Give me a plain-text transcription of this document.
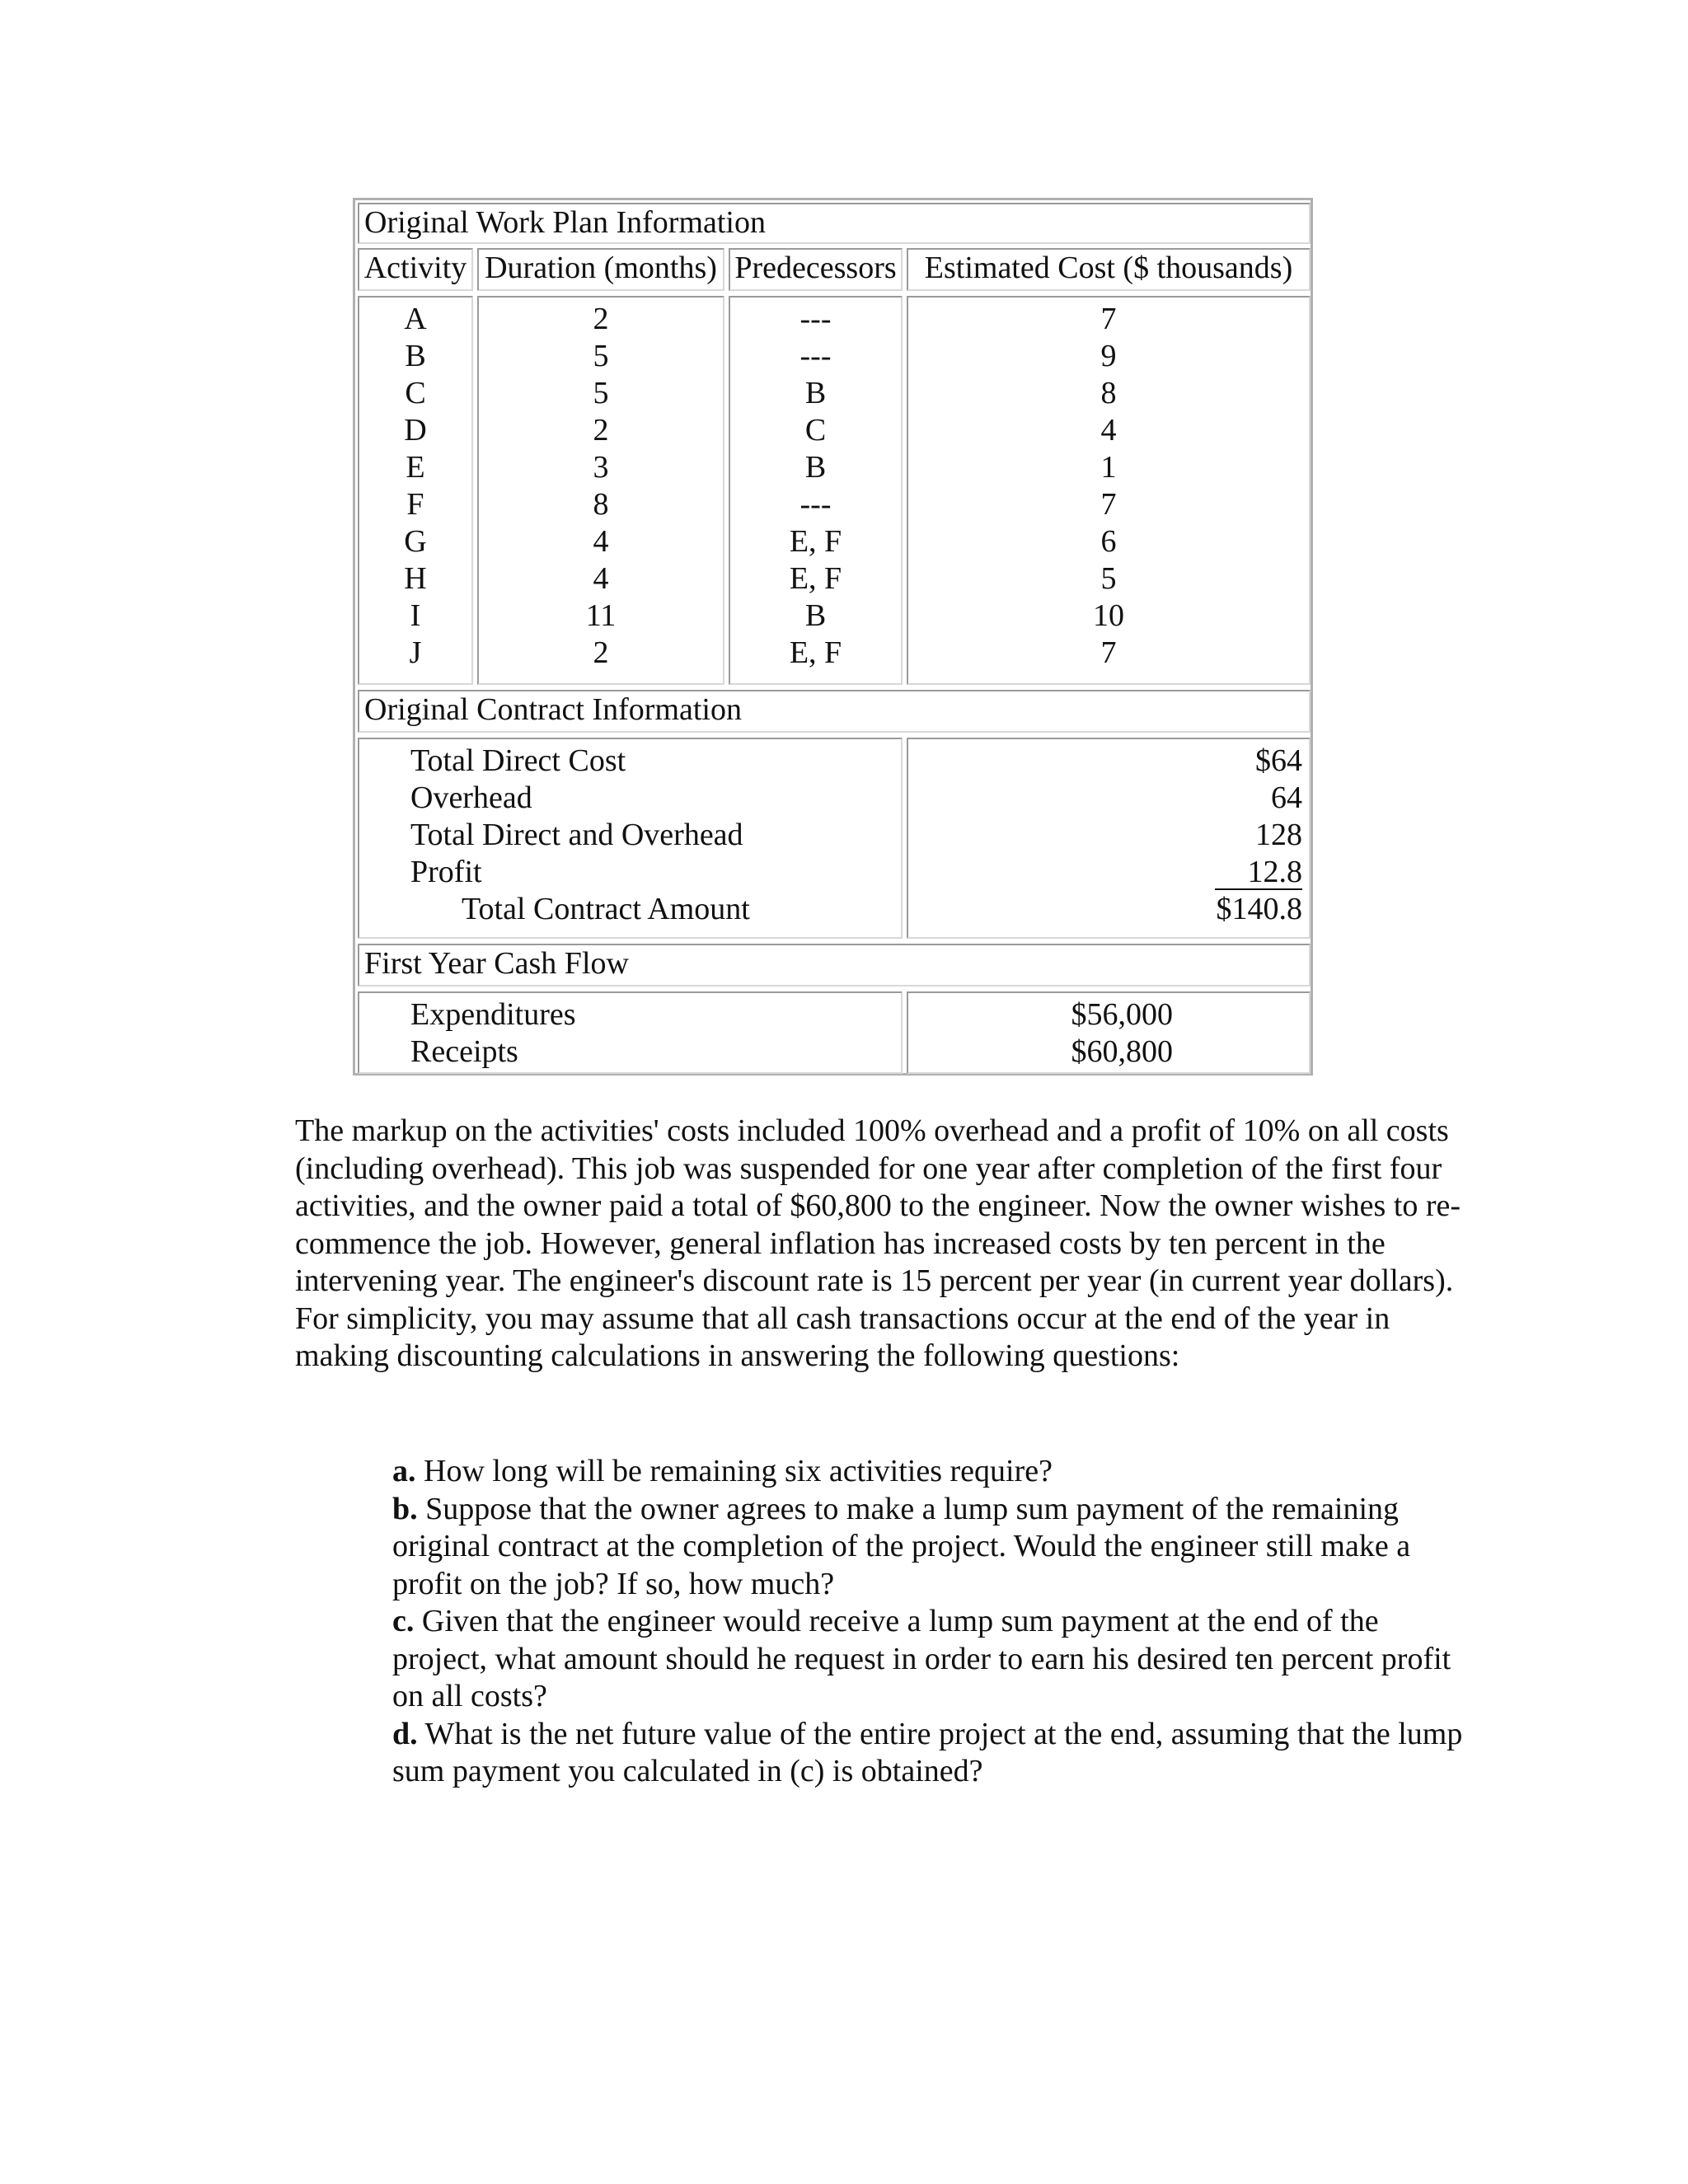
Original Work Plan Information
Activity Duration (months) Predecessors Estimated Cost ($ thousands)
A
B
C
D
E
F
G
H
I
J
2
5
5
2
3
8
4
4
11
2
---
---
B
C
B
---
E, F
E, F
B
E, F
7
9
8
4
1
7
6
5
10
7
Original Contract Information
Total Direct Cost
Overhead
Total Direct and Overhead
Profit
Total Contract Amount
$64
64
128
12.8
$140.8
First Year Cash Flow
Expenditures
Receipts
$56,000
$60,800

The markup on the activities' costs included 100% overhead and a profit of 10% on all costs (including overhead). This job was suspended for one year after completion of the first four activities, and the owner paid a total of $60,800 to the engineer. Now the owner wishes to re-commence the job. However, general inflation has increased costs by ten percent in the intervening year. The engineer's discount rate is 15 percent per year (in current year dollars). For simplicity, you may assume that all cash transactions occur at the end of the year in making discounting calculations in answering the following questions:

a. How long will be remaining six activities require?
b. Suppose that the owner agrees to make a lump sum payment of the remaining original contract at the completion of the project. Would the engineer still make a profit on the job? If so, how much?
c. Given that the engineer would receive a lump sum payment at the end of the project, what amount should he request in order to earn his desired ten percent profit on all costs?
d. What is the net future value of the entire project at the end, assuming that the lump sum payment you calculated in (c) is obtained?
